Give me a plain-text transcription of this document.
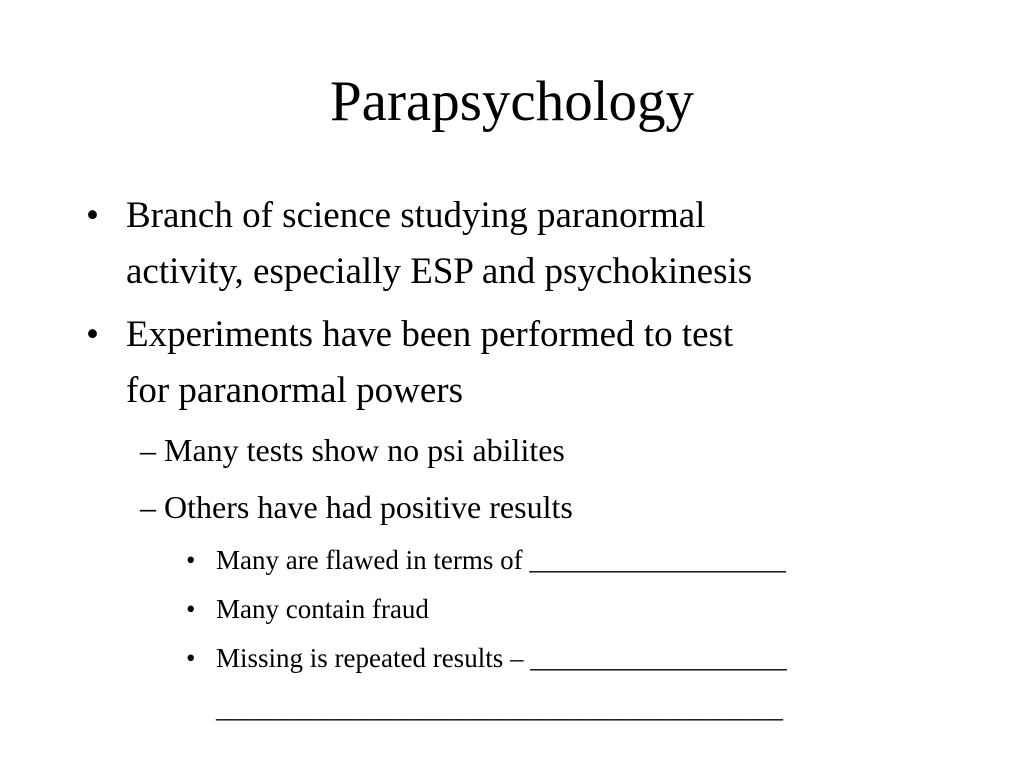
Parapsychology
• Branch of science studying paranormal
activity, especially ESP and psychokinesis
• Experiments have been performed to test
for paranormal powers
– Many tests show no psi abilites
– Others have had positive results
• Many are flawed in terms of ___________________
• Many contain fraud
• Missing is repeated results – ___________________
__________________________________________
